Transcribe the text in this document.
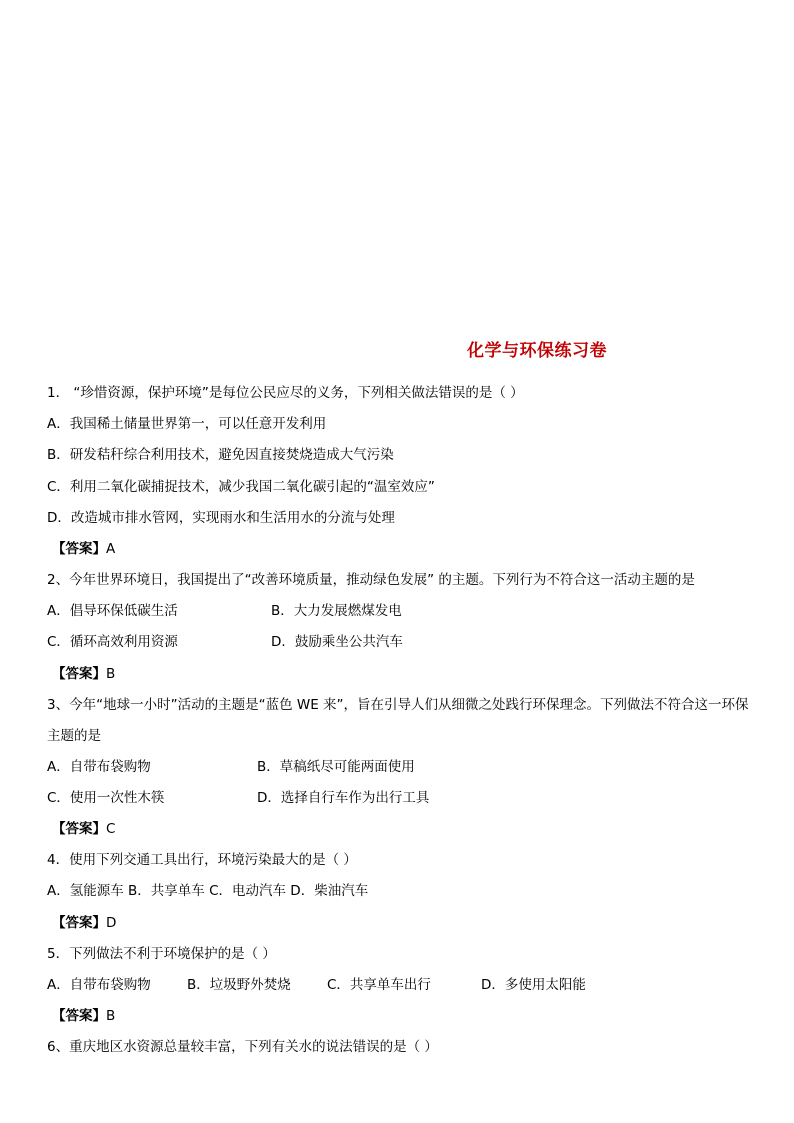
化学与环保练习卷
1． “珍惜资源，保护环境”是每位公民应尽的义务，下列相关做法错误的是（ ）
A．我国稀土储量世界第一，可以任意开发利用
B．研发秸秆综合利用技术，避免因直接焚烧造成大气污染
C．利用二氧化碳捕捉技术，减少我国二氧化碳引起的“温室效应”
D．改造城市排水管网，实现雨水和生活用水的分流与处理
【答案】A
2、今年世界环境日，我国提出了“改善环境质量，推动绿色发展” 的主题。下列行为不符合这一活动主题的是
A．倡导环保低碳生活	B．大力发展燃煤发电
C．循环高效利用资源	D．鼓励乘坐公共汽车
【答案】B
3、今年“地球一小时”活动的主题是“蓝色 WE 来”，旨在引导人们从细微之处践行环保理念。下列做法不符合这一环保主题的是
A．自带布袋购物	B．草稿纸尽可能两面使用
C．使用一次性木筷	D．选择自行车作为出行工具
【答案】C
4．使用下列交通工具出行，环境污染最大的是（ ）
A．氢能源车 B．共享单车 C．电动汽车 D．柴油汽车
【答案】D
5．下列做法不利于环境保护的是（ ）
A．自带布袋购物	B．垃圾野外焚烧	C．共享单车出行	D．多使用太阳能
【答案】B
6、重庆地区水资源总量较丰富，下列有关水的说法错误的是（ ）
